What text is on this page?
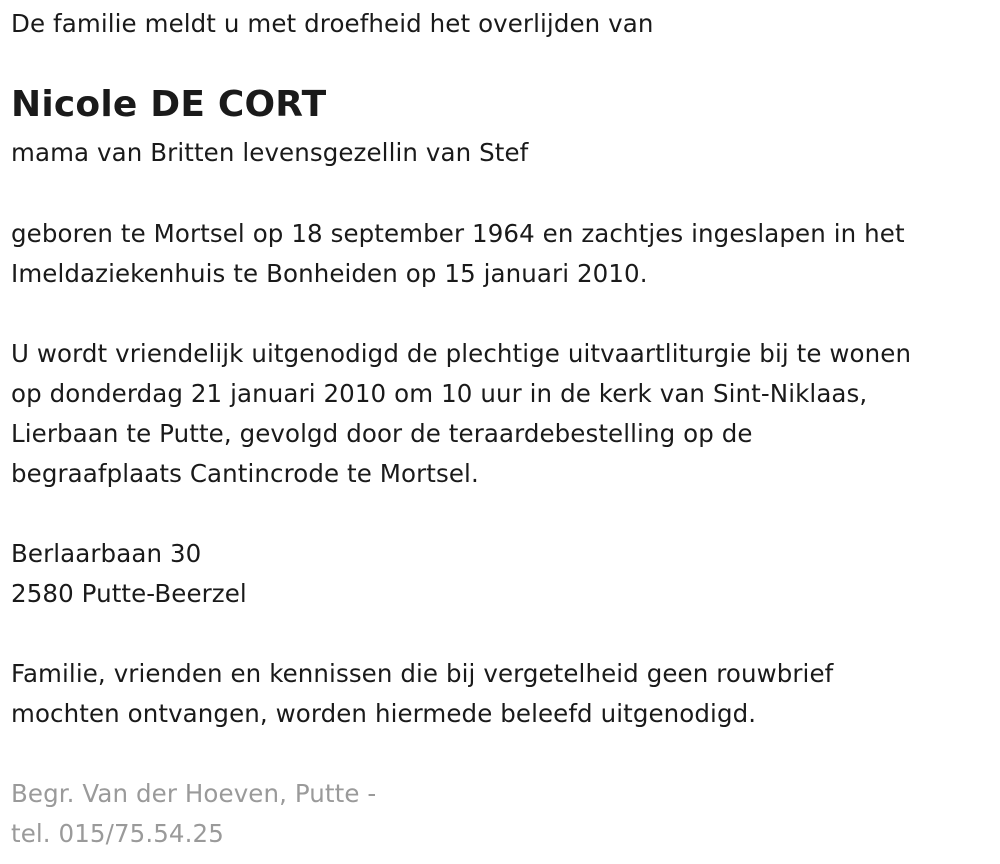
De familie meldt u met droefheid het overlijden van
Nicole DE CORT
mama van Britten levensgezellin van Stef
geboren te Mortsel op 18 september 1964 en zachtjes ingeslapen in het
Imeldaziekenhuis te Bonheiden op 15 januari 2010.
U wordt vriendelijk uitgenodigd de plechtige uitvaartliturgie bij te wonen
op donderdag 21 januari 2010 om 10 uur in de kerk van Sint-Niklaas,
Lierbaan te Putte, gevolgd door de teraardebestelling op de
begraafplaats Cantincrode te Mortsel.
Berlaarbaan 30
2580 Putte-Beerzel
Familie, vrienden en kennissen die bij vergetelheid geen rouwbrief
mochten ontvangen, worden hiermede beleefd uitgenodigd.
Begr. Van der Hoeven, Putte -
tel. 015/75.54.25
